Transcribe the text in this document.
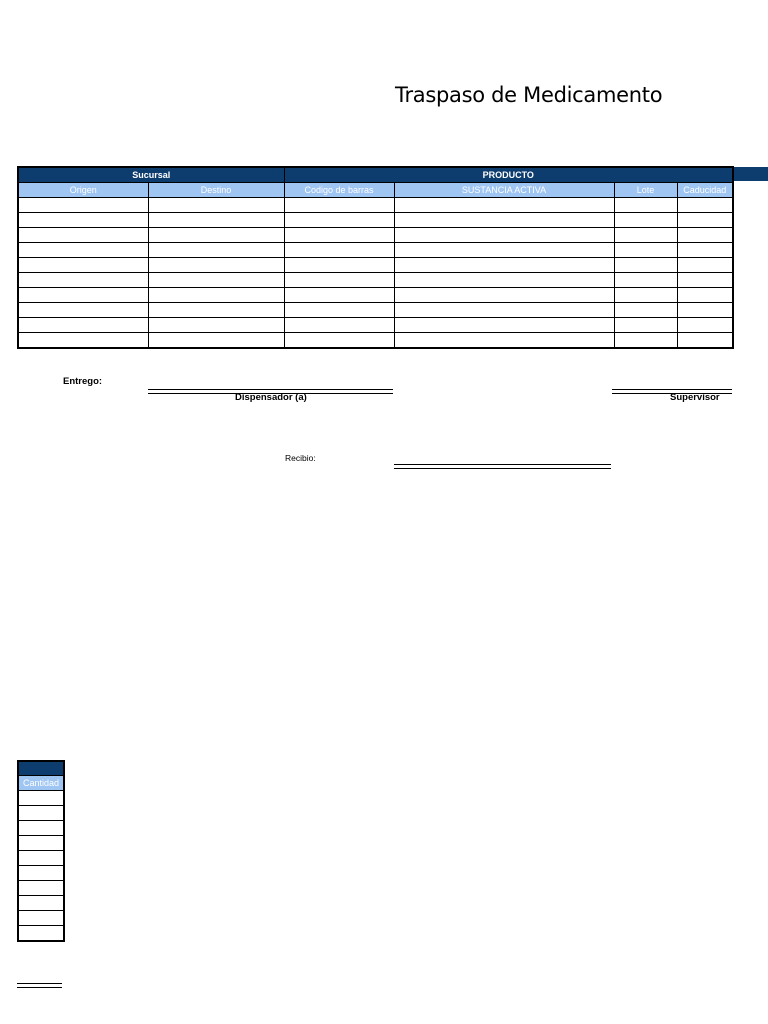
Traspaso de Medicamento
Sucursal		PRODUCTO			
Origen	Destino	Codigo de barras	SUSTANCIA ACTIVA	Lote	Caducidad

Entrego:
Dispensador (a)	Supervisor
Recibio:

Cantidad
